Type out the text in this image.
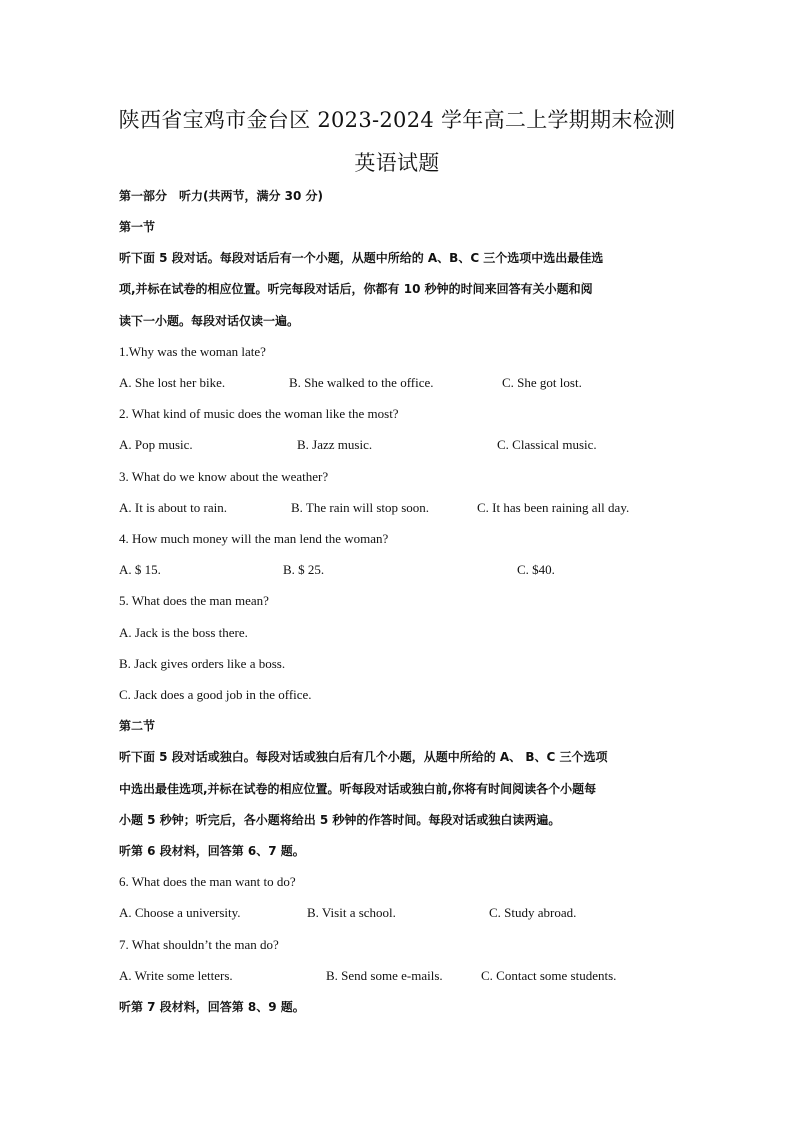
陕西省宝鸡市金台区 2023-2024 学年高二上学期期末检测
英语试题
第一部分　听力(共两节，满分 30 分)
第一节
听下面 5 段对话。每段对话后有一个小题，从题中所给的 A、B、C 三个选项中选出最佳选
项,并标在试卷的相应位置。听完每段对话后，你都有 10 秒钟的时间来回答有关小题和阅
读下一小题。每段对话仅读一遍。
1.Why was the woman late?
A. She lost her bike.	B. She walked to the office.	C. She got lost.
2. What kind of music does the woman like the most?
A. Pop music.	B. Jazz music.	C. Classical music.
3. What do we know about the weather?
A. It is about to rain.	B. The rain will stop soon.	C. It has been raining all day.
4. How much money will the man lend the woman?
A. $ 15.	B. $ 25.	C. $40.
5. What does the man mean?
A. Jack is the boss there.
B. Jack gives orders like a boss.
C. Jack does a good job in the office.
第二节
听下面 5 段对话或独白。每段对话或独白后有几个小题，从题中所给的 A、 B、C 三个选项
中选出最佳选项,并标在试卷的相应位置。听每段对话或独白前,你将有时间阅读各个小题每
小题 5 秒钟；听完后，各小题将给出 5 秒钟的作答时间。每段对话或独白读两遍。
听第 6 段材料，回答第 6、7 题。
6. What does the man want to do?
A. Choose a university.	B. Visit a school.	C. Study abroad.
7. What shouldn’t the man do?
A. Write some letters.	B. Send some e-mails.	C. Contact some students.
听第 7 段材料，回答第 8、9 题。
